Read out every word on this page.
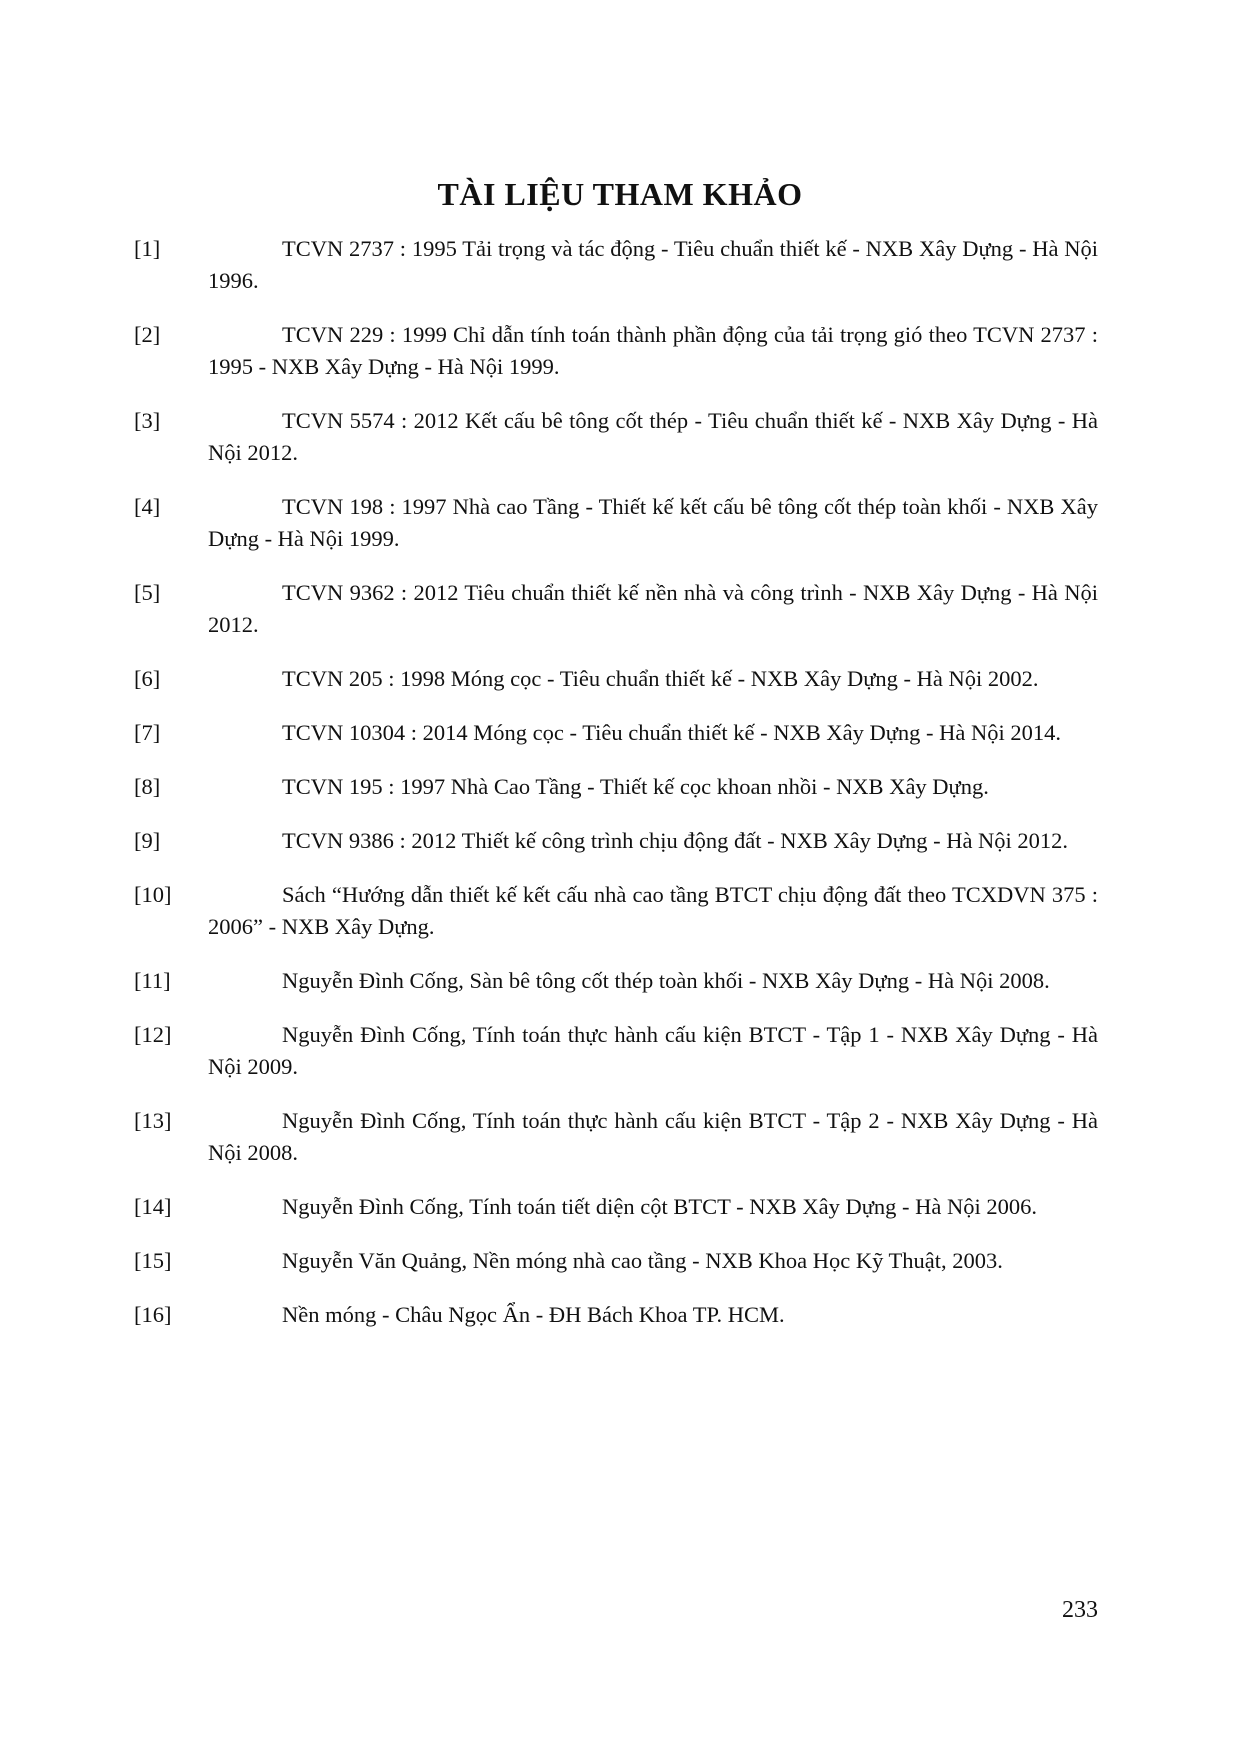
TÀI LIỆU THAM KHẢO
[1]	TCVN 2737 : 1995 Tải trọng và tác động - Tiêu chuẩn thiết kế - NXB Xây Dựng - Hà Nội 1996.
[2]	TCVN 229 : 1999 Chỉ dẫn tính toán thành phần động của tải trọng gió theo TCVN 2737 : 1995 - NXB Xây Dựng - Hà Nội 1999.
[3]	TCVN 5574 : 2012 Kết cấu bê tông cốt thép - Tiêu chuẩn thiết kế - NXB Xây Dựng - Hà Nội 2012.
[4]	TCVN 198 : 1997 Nhà cao Tầng - Thiết kế kết cấu bê tông cốt thép toàn khối - NXB Xây Dựng - Hà Nội 1999.
[5]	TCVN 9362 : 2012 Tiêu chuẩn thiết kế nền nhà và công trình - NXB Xây Dựng - Hà Nội 2012.
[6]	TCVN 205 : 1998 Móng cọc - Tiêu chuẩn thiết kế - NXB Xây Dựng - Hà Nội 2002.
[7]	TCVN 10304 : 2014 Móng cọc - Tiêu chuẩn thiết kế - NXB Xây Dựng - Hà Nội 2014.
[8]	TCVN 195 : 1997 Nhà Cao Tầng - Thiết kế cọc khoan nhồi - NXB Xây Dựng.
[9]	TCVN 9386 : 2012 Thiết kế công trình chịu động đất - NXB Xây Dựng - Hà Nội 2012.
[10]	Sách “Hướng dẫn thiết kế kết cấu nhà cao tầng BTCT chịu động đất theo TCXDVN 375 : 2006” - NXB Xây Dựng.
[11]	Nguyễn Đình Cống, Sàn bê tông cốt thép toàn khối - NXB Xây Dựng - Hà Nội 2008.
[12]	Nguyễn Đình Cống, Tính toán thực hành cấu kiện BTCT - Tập 1 - NXB Xây Dựng - Hà Nội 2009.
[13]	Nguyễn Đình Cống, Tính toán thực hành cấu kiện BTCT - Tập 2 - NXB Xây Dựng - Hà Nội 2008.
[14]	Nguyễn Đình Cống, Tính toán tiết diện cột BTCT - NXB Xây Dựng - Hà Nội 2006.
[15]	Nguyễn Văn Quảng, Nền móng nhà cao tầng - NXB Khoa Học Kỹ Thuật, 2003.
[16]	Nền móng - Châu Ngọc Ẩn - ĐH Bách Khoa TP. HCM.
233
